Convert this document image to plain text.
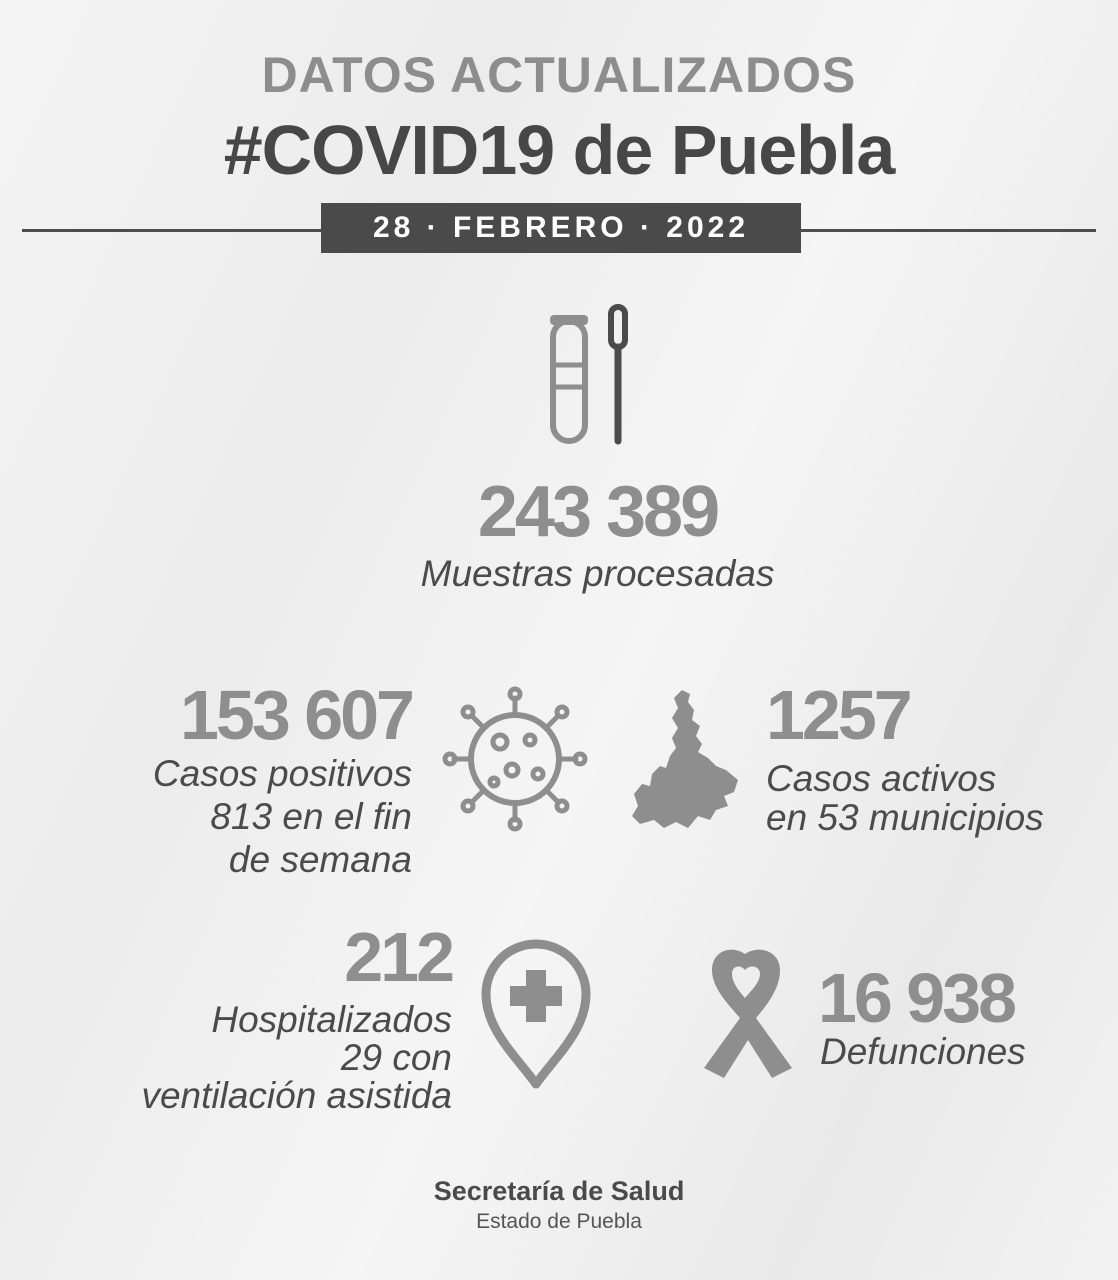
DATOS ACTUALIZADOS
#COVID19 de Puebla
28 · FEBRERO · 2022
243 389
Muestras procesadas
153 607
Casos positivos
813 en el fin
de semana
1257
Casos activos
en 53 municipios
212
Hospitalizados
29 con
ventilación asistida
16 938
Defunciones
Secretaría de Salud
Estado de Puebla
